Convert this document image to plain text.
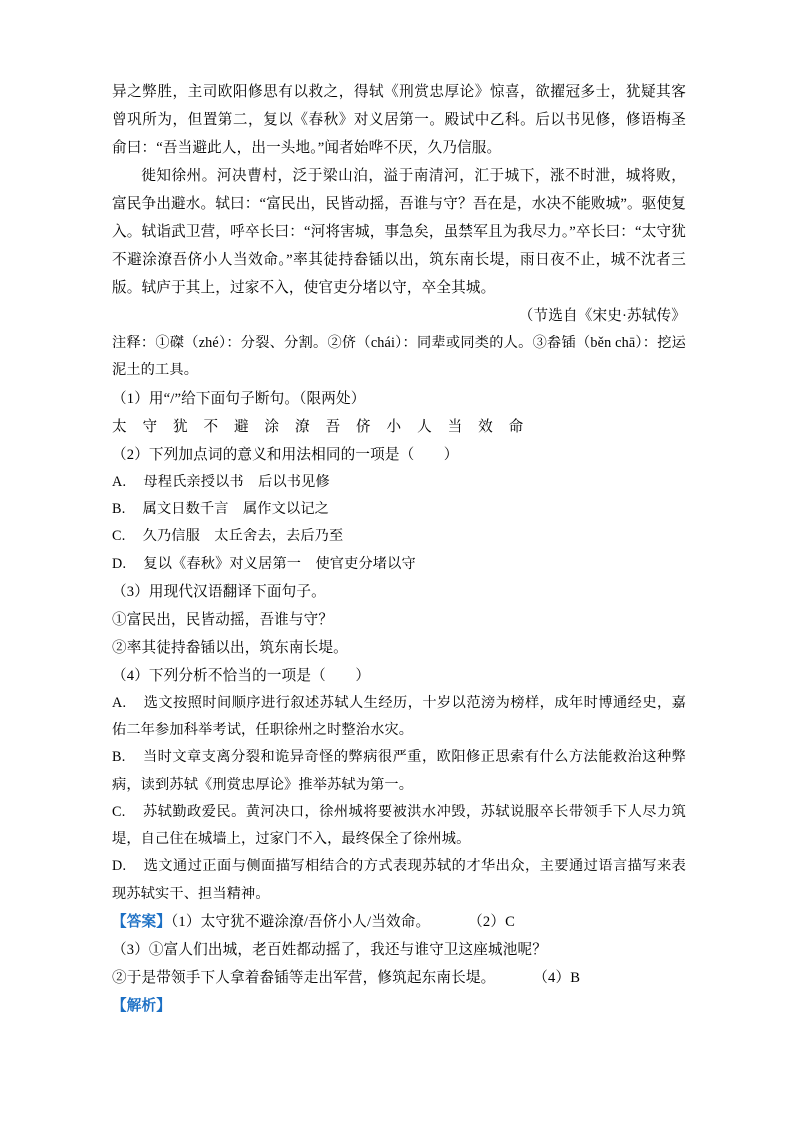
异之弊胜，主司欧阳修思有以救之，得轼《刑赏忠厚论》惊喜，欲擢冠多士，犹疑其客曾巩所为，但置第二，复以《春秋》对义居第一。殿试中乙科。后以书见修，修语梅圣俞曰：“吾当避此人，出一头地。”闻者始哗不厌，久乃信服。

徙知徐州。河决曹村，泛于梁山泊，溢于南清河，汇于城下，涨不时泄，城将败，富民争出避水。轼曰：“富民出，民皆动摇，吾谁与守？吾在是，水决不能败城”。驱使复入。轼诣武卫营，呼卒长曰：“河将害城，事急矣，虽禁军且为我尽力。”卒长曰：“太守犹不避涂潦吾侪小人当效命。”率其徒持畚锸以出，筑东南长堤，雨日夜不止，城不沈者三版。轼庐于其上，过家不入，使官吏分堵以守，卒全其城。

（节选自《宋史·苏轼传》

注释：①磔（zhé）：分裂、分割。②侪（chái）：同辈或同类的人。③畚锸（běn chā）：挖运泥土的工具。

（1）用“/”给下面句子断句。（限两处）

太 守 犹 不 避 涂 潦 吾 侪 小 人 当 效 命

（2）下列加点词的意义和用法相同的一项是（　　）

A. 母程氏亲授以书　后以书见修

B. 属文日数千言　属作文以记之

C. 久乃信服　太丘舍去，去后乃至

D. 复以《春秋》对义居第一　使官吏分堵以守

（3）用现代汉语翻译下面句子。

①富民出，民皆动摇，吾谁与守？

②率其徒持畚锸以出，筑东南长堤。

（4）下列分析不恰当的一项是（　　）

A. 选文按照时间顺序进行叙述苏轼人生经历，十岁以范滂为榜样，成年时博通经史，嘉佑二年参加科举考试，任职徐州之时整治水灾。

B. 当时文章支离分裂和诡异奇怪的弊病很严重，欧阳修正思索有什么方法能救治这种弊病，读到苏轼《刑赏忠厚论》推举苏轼为第一。

C. 苏轼勤政爱民。黄河决口，徐州城将要被洪水冲毁，苏轼说服卒长带领手下人尽力筑堤，自己住在城墙上，过家门不入，最终保全了徐州城。

D. 选文通过正面与侧面描写相结合的方式表现苏轼的才华出众，主要通过语言描写来表现苏轼实干、担当精神。

【答案】（1）太守犹不避涂潦/吾侪小人/当效命。	（2）C

（3）①富人们出城，老百姓都动摇了，我还与谁守卫这座城池呢？

②于是带领手下人拿着畚锸等走出军营，修筑起东南长堤。	（4）B

【解析】
